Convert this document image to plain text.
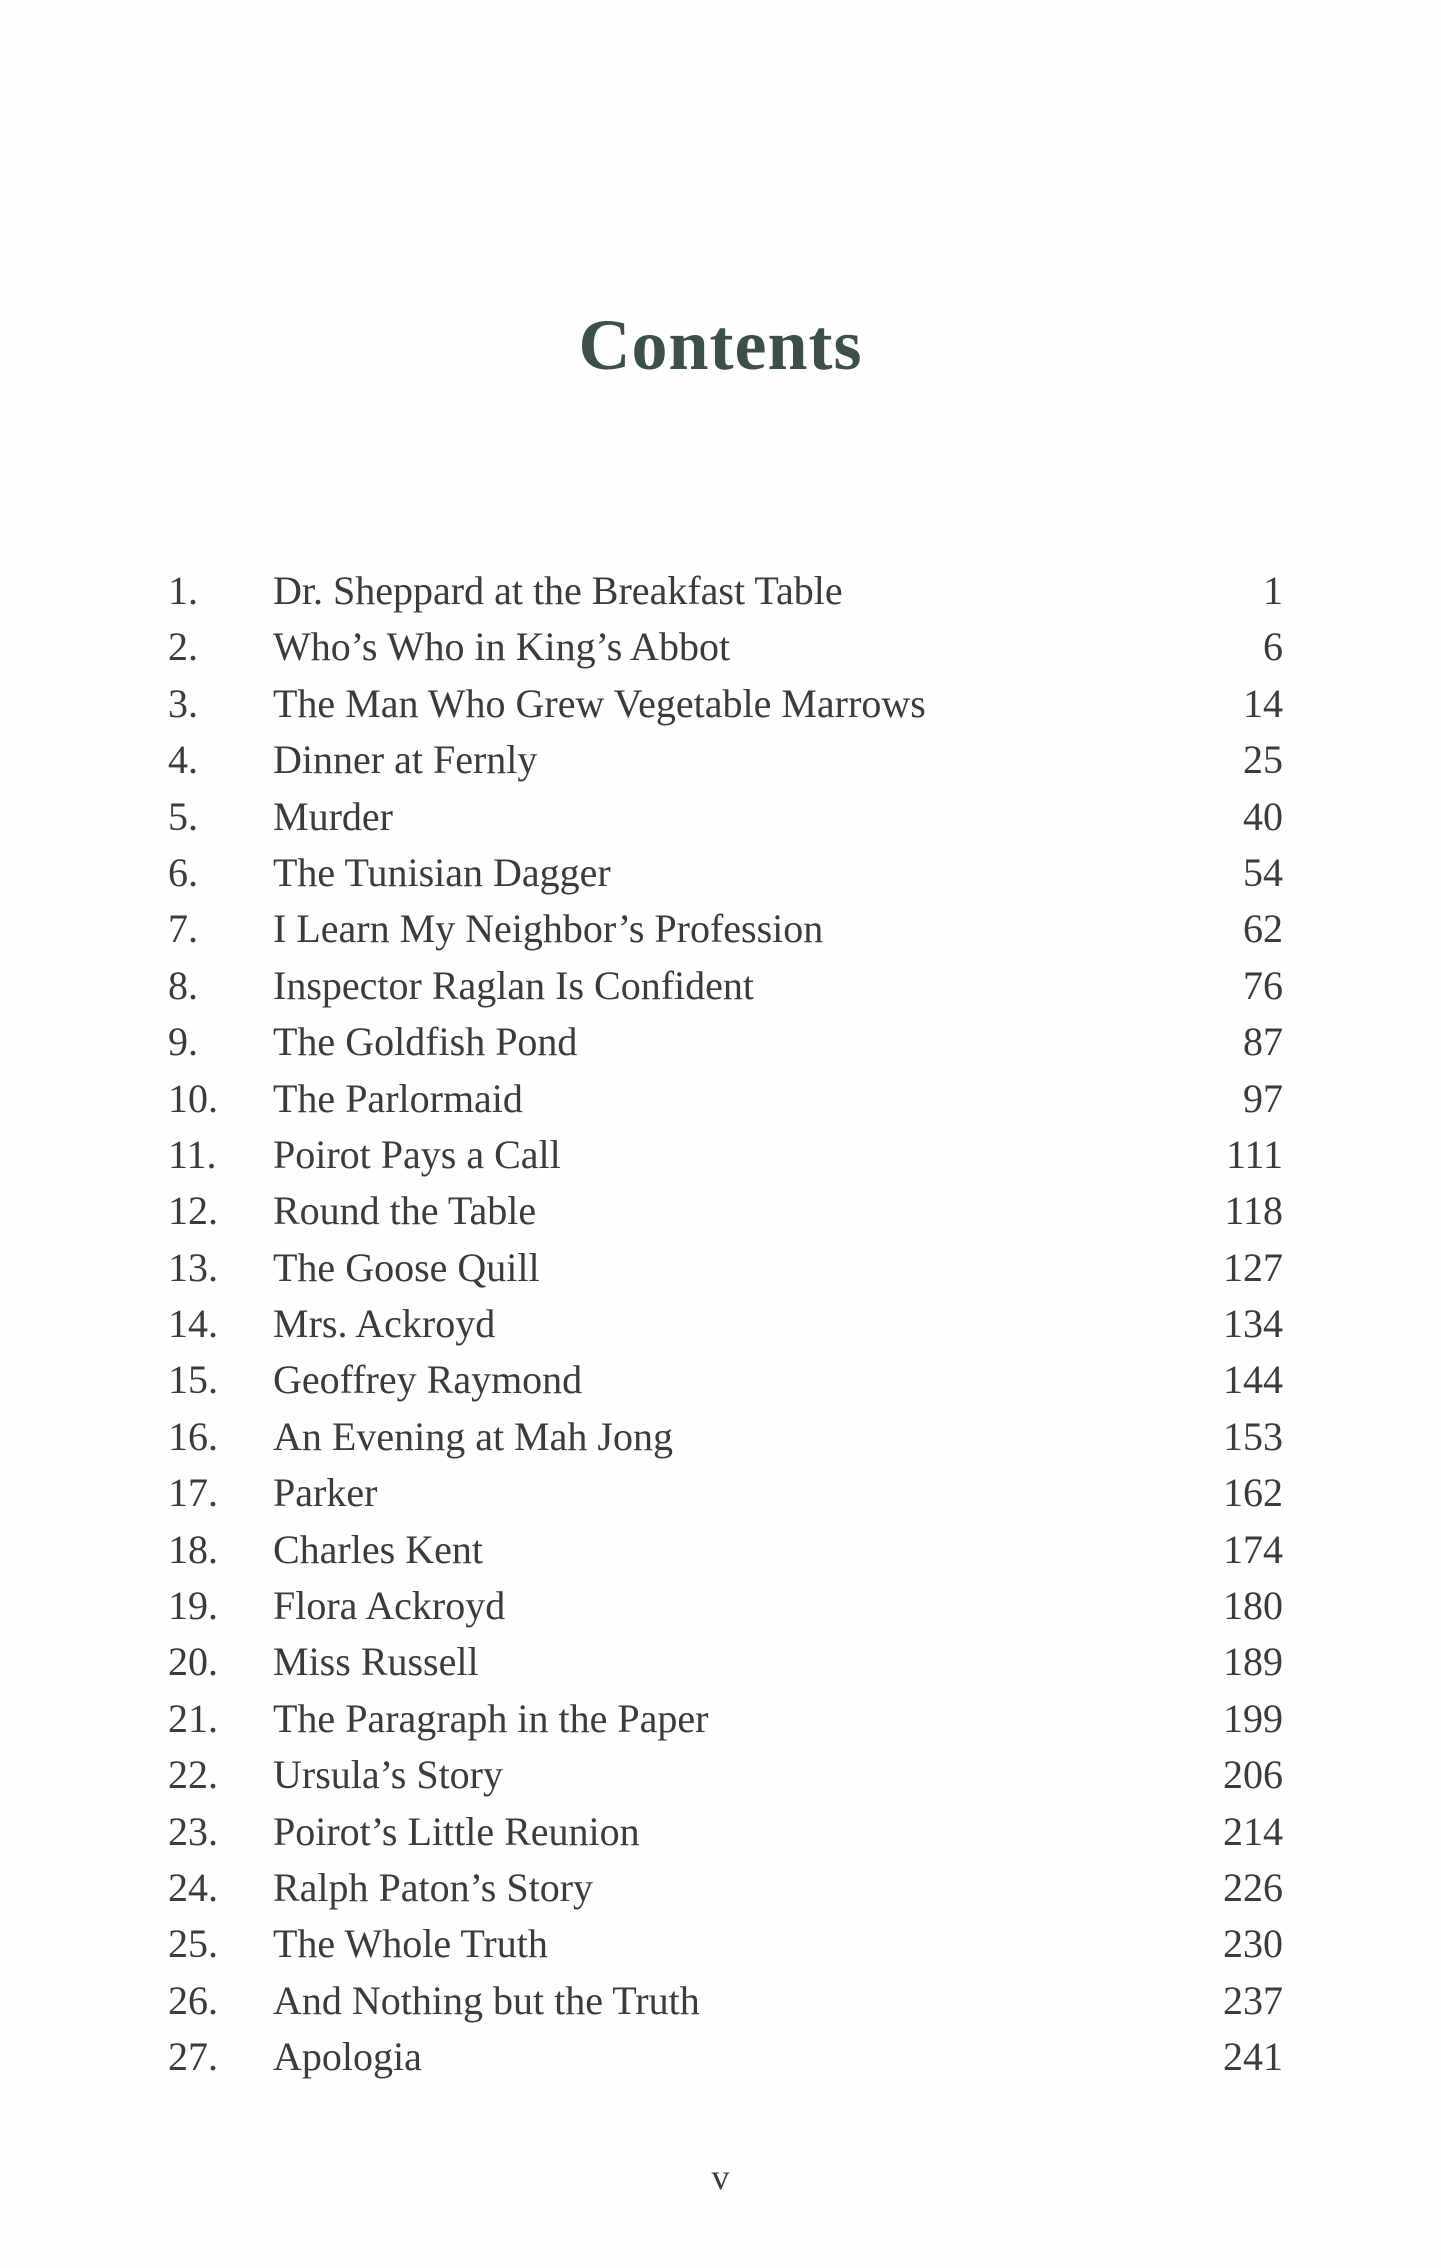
Contents
1.	Dr. Sheppard at the Breakfast Table	1
2.	Who’s Who in King’s Abbot	6
3.	The Man Who Grew Vegetable Marrows	14
4.	Dinner at Fernly	25
5.	Murder	40
6.	The Tunisian Dagger	54
7.	I Learn My Neighbor’s Profession	62
8.	Inspector Raglan Is Confident	76
9.	The Goldfish Pond	87
10.	The Parlormaid	97
11.	Poirot Pays a Call	111
12.	Round the Table	118
13.	The Goose Quill	127
14.	Mrs. Ackroyd	134
15.	Geoffrey Raymond	144
16.	An Evening at Mah Jong	153
17.	Parker	162
18.	Charles Kent	174
19.	Flora Ackroyd	180
20.	Miss Russell	189
21.	The Paragraph in the Paper	199
22.	Ursula’s Story	206
23.	Poirot’s Little Reunion	214
24.	Ralph Paton’s Story	226
25.	The Whole Truth	230
26.	And Nothing but the Truth	237
27.	Apologia	241
v
